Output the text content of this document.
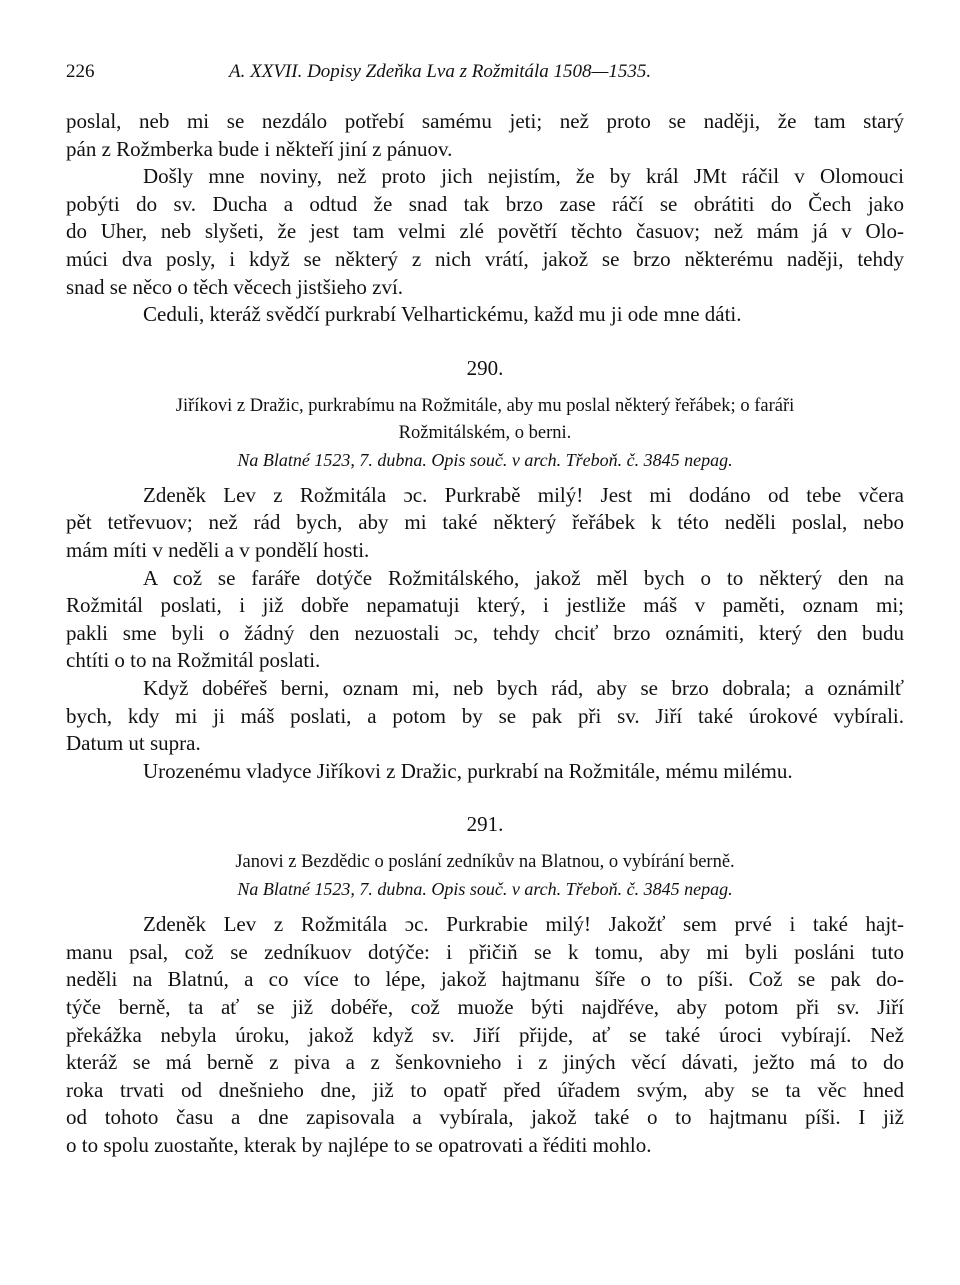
226	A. XXVII. Dopisy Zdeňka Lva z Rožmitála 1508—1535.

poslal, neb mi se nezdálo potřebí samému jeti; než proto se naději, že tam starý
pán z Rožmberka bude i někteří jiní z pánuov.

Došly mne noviny, než proto jich nejistím, že by král JMt ráčil v Olomouci
pobýti do sv. Ducha a odtud že snad tak brzo zase ráčí se obrátiti do Čech jako
do Uher, neb slyšeti, že jest tam velmi zlé povětří těchto časuov; než mám já v Olo-
múci dva posly, i když se některý z nich vrátí, jakož se brzo některému naději, tehdy
snad se něco o těch věcech jistšieho zví.

Ceduli, kteráž svědčí purkrabí Velhartickému, každ mu ji ode mne dáti.

290.
Jiříkovi z Dražic, purkrabímu na Rožmitále, aby mu poslal některý řeřábek; o faráři
Rožmitálském, o berni.
Na Blatné 1523, 7. dubna. Opis souč. v arch. Třeboň. č. 3845 nepag.

Zdeněk Lev z Rožmitála ɔc. Purkrabě milý! Jest mi dodáno od tebe včera
pět tetřevuov; než rád bych, aby mi také některý řeřábek k této neděli poslal, nebo
mám míti v neděli a v pondělí hosti.

A což se faráře dotýče Rožmitálského, jakož měl bych o to některý den na
Rožmitál poslati, i již dobře nepamatuji který, i jestliže máš v paměti, oznam mi;
pakli sme byli o žádný den nezuostali ɔc, tehdy chciť brzo oznámiti, který den budu
chtíti o to na Rožmitál poslati.

Když dobéřeš berni, oznam mi, neb bych rád, aby se brzo dobrala; a oznámilť
bych, kdy mi ji máš poslati, a potom by se pak při sv. Jiří také úrokové vybírali.
Datum ut supra.

Urozenému vladyce Jiříkovi z Dražic, purkrabí na Rožmitále, mému milému.

291.
Janovi z Bezdědic o poslání zedníkův na Blatnou, o vybírání berně.
Na Blatné 1523, 7. dubna. Opis souč. v arch. Třeboň. č. 3845 nepag.

Zdeněk Lev z Rožmitála ɔc. Purkrabie milý! Jakožť sem prvé i také hajt-
manu psal, což se zedníkuov dotýče: i přičiň se k tomu, aby mi byli posláni tuto
neděli na Blatnú, a co více to lépe, jakož hajtmanu šíře o to píši. Což se pak do-
týče berně, ta ať se již dobéře, což muože býti najdřéve, aby potom při sv. Jiří
překážka nebyla úroku, jakož když sv. Jiří přijde, ať se také úroci vybírají. Než
kteráž se má berně z piva a z šenkovnieho i z jiných věcí dávati, ježto má to do
roka trvati od dnešnieho dne, již to opatř před úřadem svým, aby se ta věc hned
od tohoto času a dne zapisovala a vybírala, jakož také o to hajtmanu píši. I již
o to spolu zuostaňte, kterak by najlépe to se opatrovati a řéditi mohlo.
